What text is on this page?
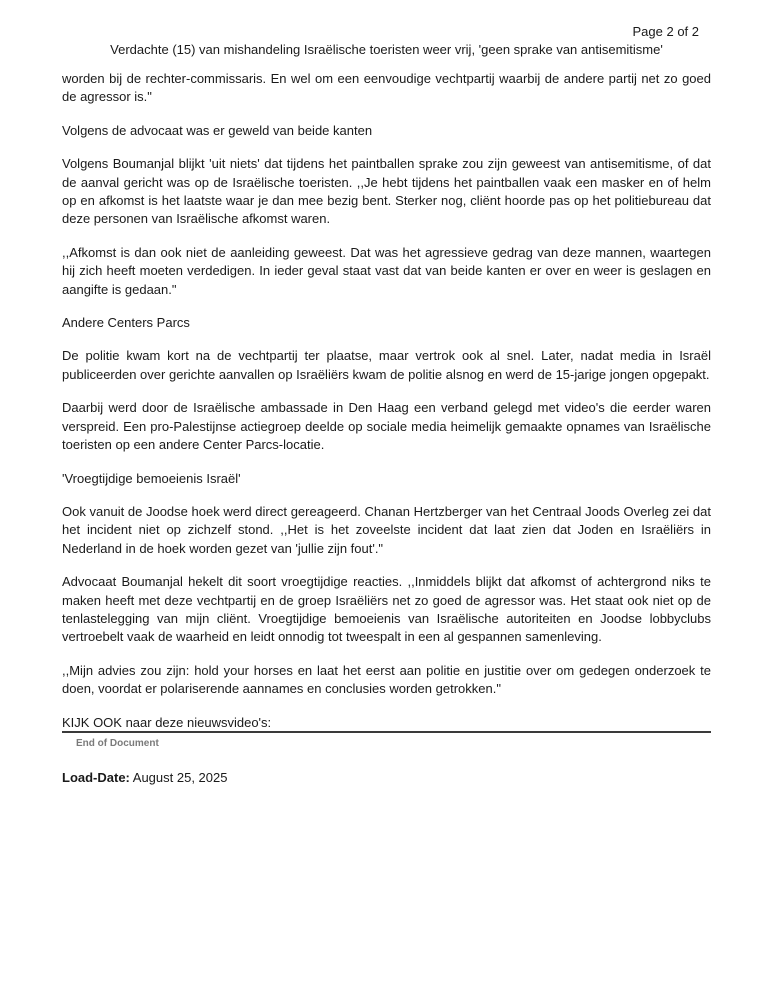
Page 2 of 2
Verdachte (15) van mishandeling Israëlische toeristen weer vrij, 'geen sprake van antisemitisme'

worden bij de rechter-commissaris. En wel om een eenvoudige vechtpartij waarbij de andere partij net zo goed de agressor is."

Volgens de advocaat was er geweld van beide kanten

Volgens Boumanjal blijkt 'uit niets' dat tijdens het paintballen sprake zou zijn geweest van antisemitisme, of dat de aanval gericht was op de Israëlische toeristen. ,,Je hebt tijdens het paintballen vaak een masker en of helm op en afkomst is het laatste waar je dan mee bezig bent. Sterker nog, cliënt hoorde pas op het politiebureau dat deze personen van Israëlische afkomst waren.

,,Afkomst is dan ook niet de aanleiding geweest. Dat was het agressieve gedrag van deze mannen, waartegen hij zich heeft moeten verdedigen. In ieder geval staat vast dat van beide kanten er over en weer is geslagen en aangifte is gedaan."

Andere Centers Parcs

De politie kwam kort na de vechtpartij ter plaatse, maar vertrok ook al snel. Later, nadat media in Israël publiceerden over gerichte aanvallen op Israëliërs kwam de politie alsnog en werd de 15-jarige jongen opgepakt.

Daarbij werd door de Israëlische ambassade in Den Haag een verband gelegd met video's die eerder waren verspreid. Een pro-Palestijnse actiegroep deelde op sociale media heimelijk gemaakte opnames van Israëlische toeristen op een andere Center Parcs-locatie.

'Vroegtijdige bemoeienis Israël'

Ook vanuit de Joodse hoek werd direct gereageerd. Chanan Hertzberger van het Centraal Joods Overleg zei dat het incident niet op zichzelf stond. ,,Het is het zoveelste incident dat laat zien dat Joden en Israëliërs in Nederland in de hoek worden gezet van 'jullie zijn fout'."

Advocaat Boumanjal hekelt dit soort vroegtijdige reacties. ,,Inmiddels blijkt dat afkomst of achtergrond niks te maken heeft met deze vechtpartij en de groep Israëliërs net zo goed de agressor was. Het staat ook niet op de tenlastelegging van mijn cliënt. Vroegtijdige bemoeienis van Israëlische autoriteiten en Joodse lobbyclubs vertroebelt vaak de waarheid en leidt onnodig tot tweespalt in een al gespannen samenleving.

,,Mijn advies zou zijn: hold your horses en laat het eerst aan politie en justitie over om gedegen onderzoek te doen, voordat er polariserende aannames en conclusies worden getrokken."

KIJK OOK naar deze nieuwsvideo's:

Load-Date: August 25, 2025

End of Document
